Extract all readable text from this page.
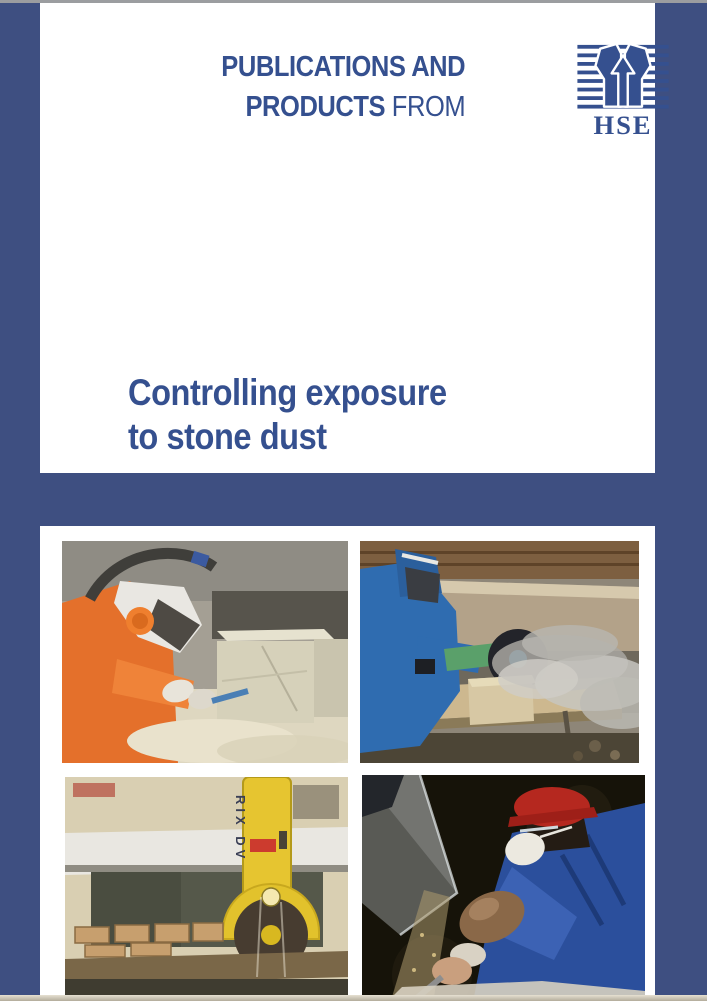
PUBLICATIONS AND
PRODUCTS FROM
HSE
Controlling exposure
to stone dust
RIX DV
